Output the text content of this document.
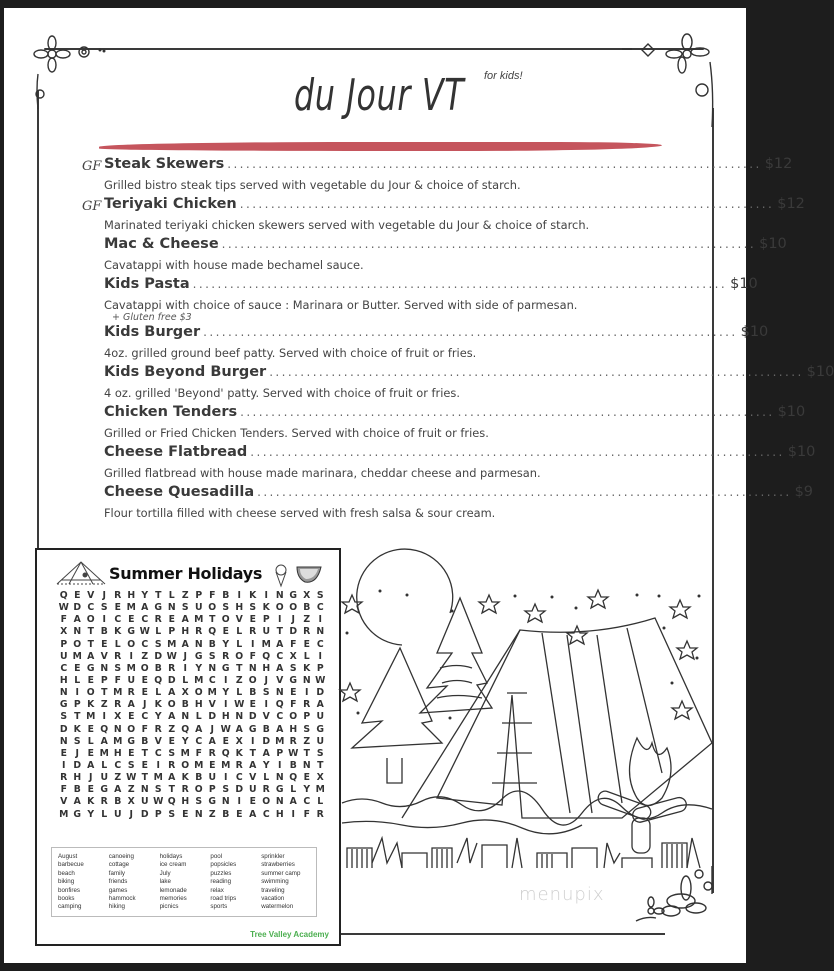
du Jour VT for kids!
GF Steak Skewers ...................................................................................... $12
Grilled bistro steak tips served with vegetable du Jour & choice of starch.
GF Teriyaki Chicken ...................................................................................... $12
Marinated teriyaki chicken skewers served with vegetable du Jour & choice of starch.
Mac & Cheese ...................................................................................... $10
Cavatappi with house made bechamel sauce.
Kids Pasta ...................................................................................... $10
Cavatappi with choice of sauce : Marinara or Butter. Served with side of parmesan.
+ Gluten free $3
Kids Burger ...................................................................................... $10
4oz. grilled ground beef patty. Served with choice of fruit or fries.
Kids Beyond Burger ...................................................................................... $10
4 oz. grilled 'Beyond' patty. Served with choice of fruit or fries.
Chicken Tenders ...................................................................................... $10
Grilled or Fried Chicken Tenders. Served with choice of fruit or fries.
Cheese Flatbread ...................................................................................... $10
Grilled flatbread with house made marinara, cheddar cheese and parmesan.
Cheese Quesadilla ...................................................................................... $9
Flour tortilla filled with cheese served with fresh salsa & sour cream.
Summer Holidays
Q E V J R H Y T L Z P F B I K I N G X S
W D C S E M A G N S U O S H S K O O B C
F A O I C E C R E A M T O V E P I	J Z I
X N T B K G W L P H R Q E L R U T D R N
P O T E L O C S M A N B Y L I M A F E C
U M A V R I Z D W J G S R O F Q C X L I
C E G N S M O B R I Y N G T N H A S K P
H L E P F U E Q D L M C I Z O J V G N W
N I O T M R E L A X O M Y L B S N E I D
G P K Z R A J K O B H V I W E I Q F R A
S T M I X E C Y A N L D H N D V C O P U
D K E Q N O F R Z Q A J W A G B A H S G
N S L A M G B V E Y C A E X I D M R Z U
E J E M H E T C S M F R Q K T A P W T S
I D A L C S E I R O M E M R A Y I B N T
R H J U Z W T M A K B U I C V L N Q E X
F B E G A Z N S T R O P S D U R G L Y M
V A K R B X U W Q H S G N I E O N A C L
M G Y L U J D P S E N Z B E A C H I F R
August
barbecue
beach
biking
bonfires
books
camping
canoeing
cottage
family
friends
games
hammock
hiking
holidays
ice cream
July
lake
lemonade
memories
picnics
pool
popsicles
puzzles
reading
relax
road trips
sports
sprinkler
strawberries
summer camp
swimming
traveling
vacation
watermelon
Tree Valley Academy
menupix
